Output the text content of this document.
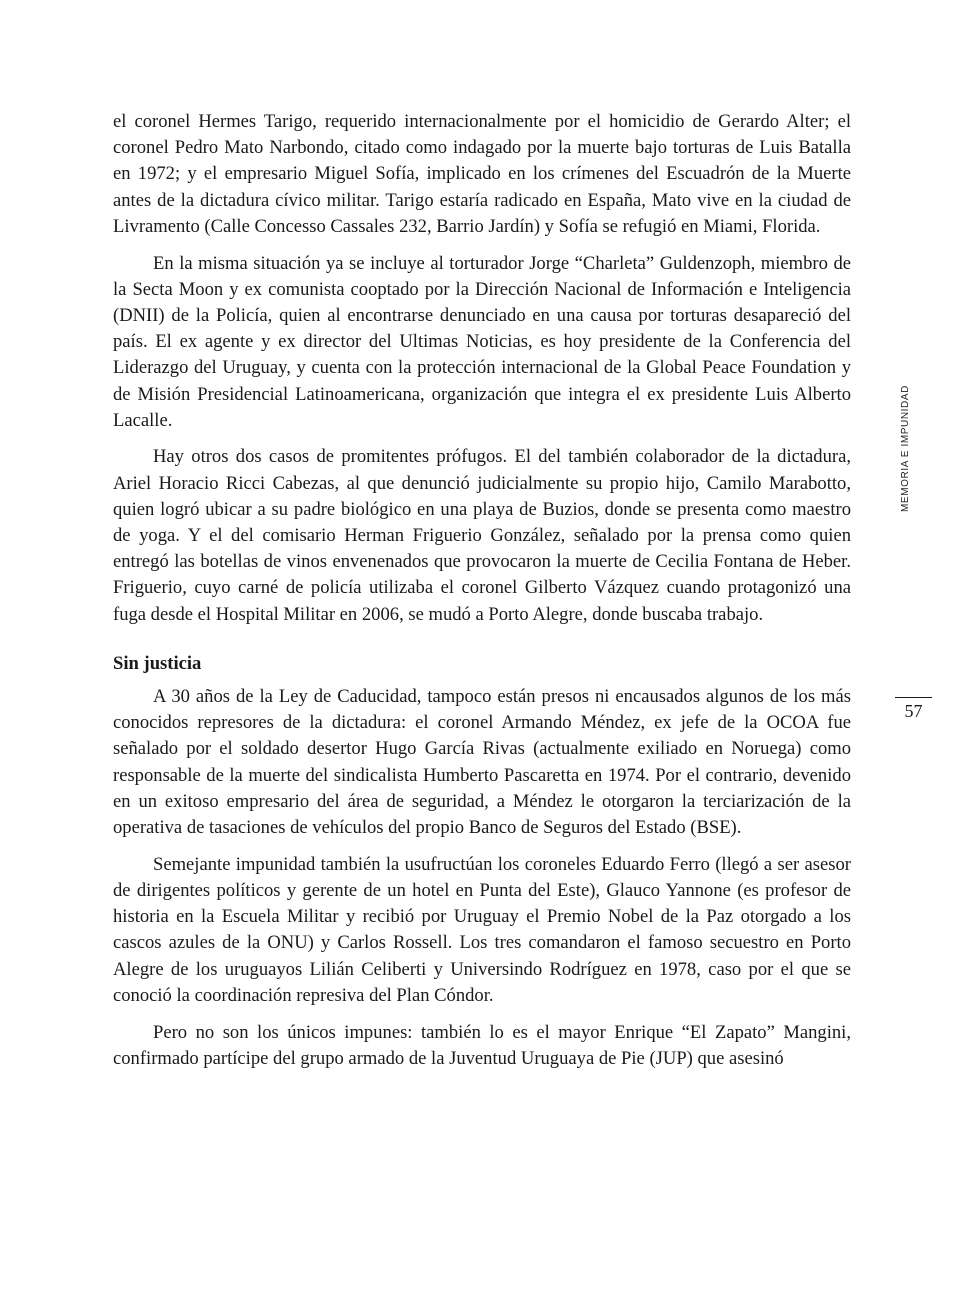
el coronel Hermes Tarigo, requerido internacionalmente por el homicidio de Gerardo Alter; el coronel Pedro Mato Narbondo, citado como indagado por la muerte bajo torturas de Luis Batalla en 1972; y el empresario Miguel Sofía, implicado en los crímenes del Escuadrón de la Muerte antes de la dictadura cívico militar. Tarigo estaría radicado en España, Mato vive en la ciudad de Livramento (Calle Concesso Cassales 232, Barrio Jardín) y Sofía se refugió en Miami, Florida.

En la misma situación ya se incluye al torturador Jorge “Charleta” Guldenzoph, miembro de la Secta Moon y ex comunista cooptado por la Dirección Nacional de Información e Inteligencia (DNII) de la Policía, quien al encontrarse denunciado en una causa por torturas desapareció del país. El ex agente y ex director del Ultimas Noticias, es hoy presidente de la Conferencia del Liderazgo del Uruguay, y cuenta con la protección internacional de la Global Peace Foundation y de Misión Presidencial Latinoamericana, organización que integra el ex presidente Luis Alberto Lacalle.

Hay otros dos casos de promitentes prófugos. El del también colaborador de la dictadura, Ariel Horacio Ricci Cabezas, al que denunció judicialmente su propio hijo, Camilo Marabotto, quien logró ubicar a su padre biológico en una playa de Buzios, donde se presenta como maestro de yoga. Y el del comisario Herman Friguerio González, señalado por la prensa como quien entregó las botellas de vinos envenenados que provocaron la muerte de Cecilia Fontana de Heber. Friguerio, cuyo carné de policía utilizaba el coronel Gilberto Vázquez cuando protagonizó una fuga desde el Hospital Militar en 2006, se mudó a Porto Alegre, donde buscaba trabajo.

Sin justicia

A 30 años de la Ley de Caducidad, tampoco están presos ni encausados algunos de los más conocidos represores de la dictadura: el coronel Armando Méndez, ex jefe de la OCOA fue señalado por el soldado desertor Hugo García Rivas (actualmente exiliado en Noruega) como responsable de la muerte del sindicalista Humberto Pascaretta en 1974. Por el contrario, devenido en un exitoso empresario del área de seguridad, a Méndez le otorgaron la terciarización de la operativa de tasaciones de vehículos del propio Banco de Seguros del Estado (BSE).

Semejante impunidad también la usufructúan los coroneles Eduardo Ferro (llegó a ser asesor de dirigentes políticos y gerente de un hotel en Punta del Este), Glauco Yannone (es profesor de historia en la Escuela Militar y recibió por Uruguay el Premio Nobel de la Paz otorgado a los cascos azules de la ONU) y Carlos Rossell. Los tres comandaron el famoso secuestro en Porto Alegre de los uruguayos Lilián Celiberti y Universindo Rodríguez en 1978, caso por el que se conoció la coordinación represiva del Plan Cóndor.

Pero no son los únicos impunes: también lo es el mayor Enrique “El Zapato” Mangini, confirmado partícipe del grupo armado de la Juventud Uruguaya de Pie (JUP) que asesinó

MEMORIA E IMPUNIDAD
57
